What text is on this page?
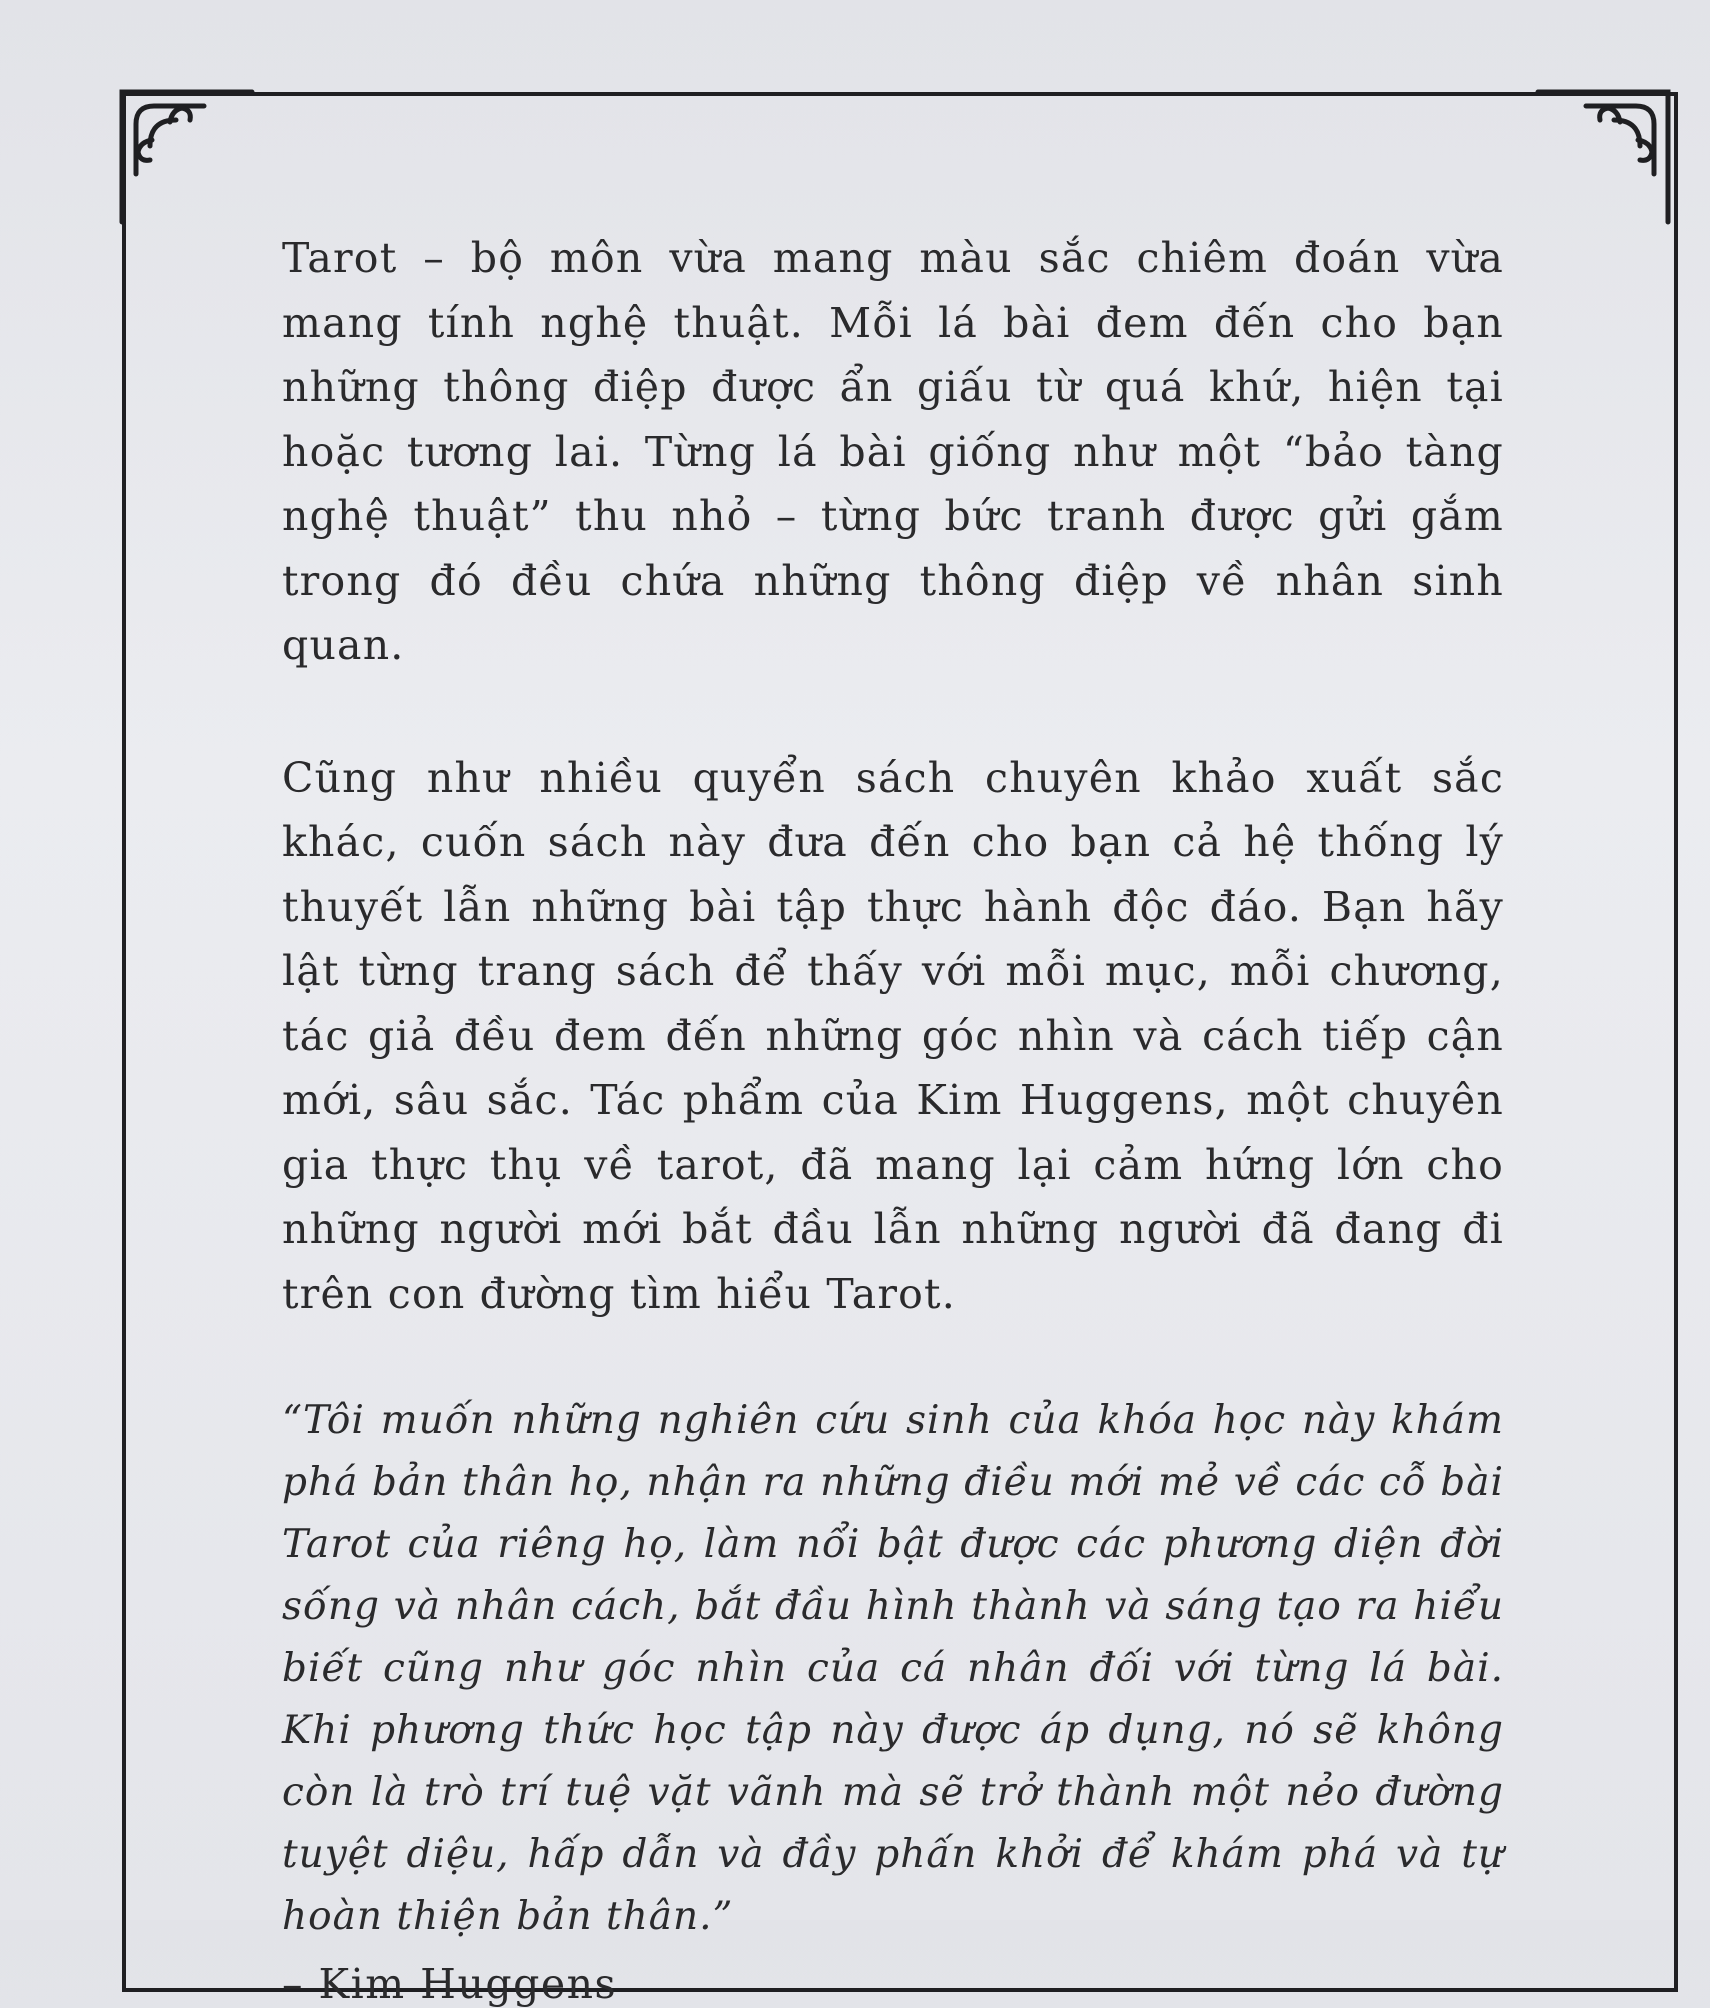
Tarot – bộ môn vừa mang màu sắc chiêm đoán vừa mang tính nghệ thuật. Mỗi lá bài đem đến cho bạn những thông điệp được ẩn giấu từ quá khứ, hiện tại hoặc tương lai. Từng lá bài giống như một “bảo tàng nghệ thuật” thu nhỏ – từng bức tranh được gửi gắm trong đó đều chứa những thông điệp về nhân sinh quan.

Cũng như nhiều quyển sách chuyên khảo xuất sắc khác, cuốn sách này đưa đến cho bạn cả hệ thống lý thuyết lẫn những bài tập thực hành độc đáo. Bạn hãy lật từng trang sách để thấy với mỗi mục, mỗi chương, tác giả đều đem đến những góc nhìn và cách tiếp cận mới, sâu sắc. Tác phẩm của Kim Huggens, một chuyên gia thực thụ về tarot, đã mang lại cảm hứng lớn cho những người mới bắt đầu lẫn những người đã đang đi trên con đường tìm hiểu Tarot.

“Tôi muốn những nghiên cứu sinh của khóa học này khám phá bản thân họ, nhận ra những điều mới mẻ về các cỗ bài Tarot của riêng họ, làm nổi bật được các phương diện đời sống và nhân cách, bắt đầu hình thành và sáng tạo ra hiểu biết cũng như góc nhìn của cá nhân đối với từng lá bài. Khi phương thức học tập này được áp dụng, nó sẽ không còn là trò trí tuệ vặt vãnh mà sẽ trở thành một nẻo đường tuyệt diệu, hấp dẫn và đầy phấn khởi để khám phá và tự hoàn thiện bản thân.”
– Kim Huggens
